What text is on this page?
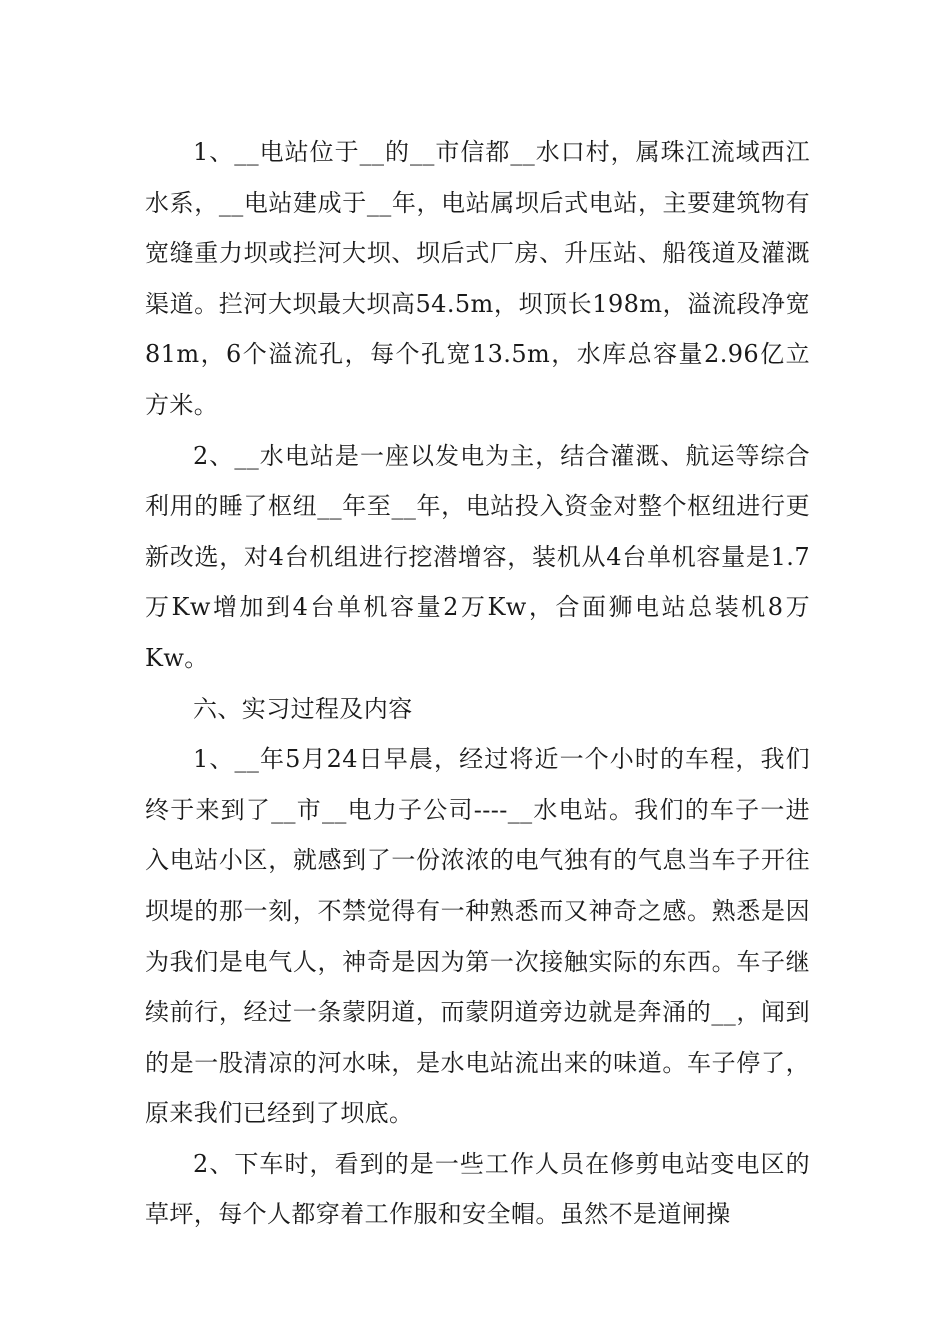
1、__电站位于__的__市信都__水口村，属珠江流域西江水系，__电站建成于__年，电站属坝后式电站，主要建筑物有宽缝重力坝或拦河大坝、坝后式厂房、升压站、船筏道及灌溉渠道。拦河大坝最大坝高54.5m，坝顶长198m，溢流段净宽81m，6个溢流孔，每个孔宽13.5m，水库总容量2.96亿立方米。

2、__水电站是一座以发电为主，结合灌溉、航运等综合利用的睡了枢纽__年至__年，电站投入资金对整个枢纽进行更新改选，对4台机组进行挖潜增容，装机从4台单机容量是1.7万Kw增加到4台单机容量2万Kw，合面狮电站总装机8万Kw。

六、实习过程及内容

1、__年5月24日早晨，经过将近一个小时的车程，我们终于来到了__市__电力子公司----__水电站。我们的车子一进入电站小区，就感到了一份浓浓的电气独有的气息当车子开往坝堤的那一刻，不禁觉得有一种熟悉而又神奇之感。熟悉是因为我们是电气人，神奇是因为第一次接触实际的东西。车子继续前行，经过一条蒙阴道，而蒙阴道旁边就是奔涌的__，闻到的是一股清凉的河水味，是水电站流出来的味道。车子停了，原来我们已经到了坝底。

2、下车时，看到的是一些工作人员在修剪电站变电区的草坪，每个人都穿着工作服和安全帽。虽然不是道闸操
